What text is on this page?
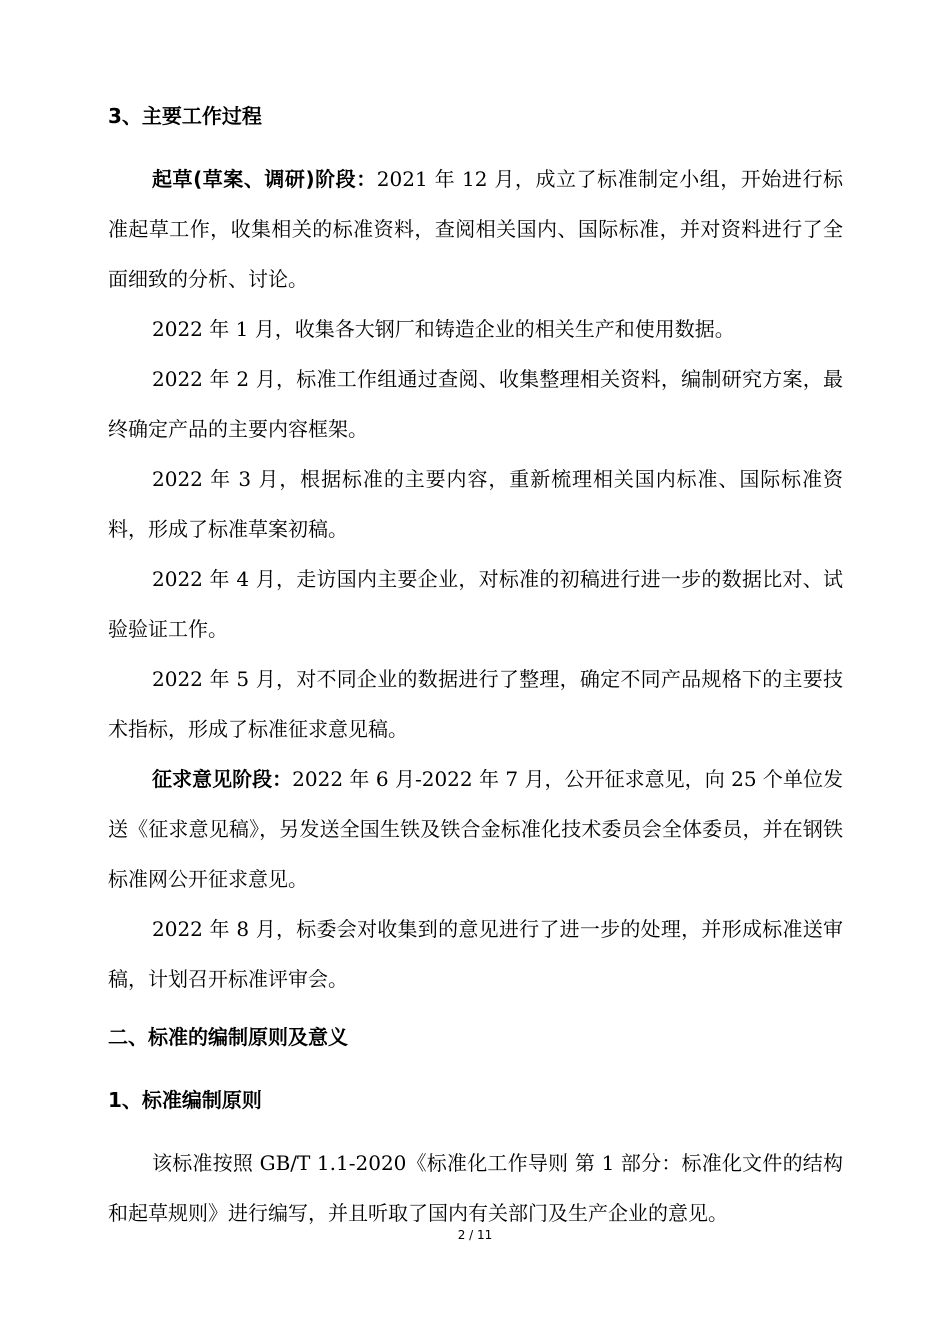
3、主要工作过程

起草(草案、调研)阶段：2021 年 12 月，成立了标准制定小组，开始进行标准起草工作，收集相关的标准资料，查阅相关国内、国际标准，并对资料进行了全面细致的分析、讨论。

2022 年 1 月，收集各大钢厂和铸造企业的相关生产和使用数据。

2022 年 2 月，标准工作组通过查阅、收集整理相关资料，编制研究方案，最终确定产品的主要内容框架。

2022 年 3 月，根据标准的主要内容，重新梳理相关国内标准、国际标准资料，形成了标准草案初稿。

2022 年 4 月，走访国内主要企业，对标准的初稿进行进一步的数据比对、试验验证工作。

2022 年 5 月，对不同企业的数据进行了整理，确定不同产品规格下的主要技术指标，形成了标准征求意见稿。

征求意见阶段：2022 年 6 月-2022 年 7 月，公开征求意见，向 25 个单位发送《征求意见稿》，另发送全国生铁及铁合金标准化技术委员会全体委员，并在钢铁标准网公开征求意见。

2022 年 8 月，标委会对收集到的意见进行了进一步的处理，并形成标准送审稿，计划召开标准评审会。

二、标准的编制原则及意义
1、标准编制原则

该标准按照 GB/T 1.1-2020《标准化工作导则 第 1 部分：标准化文件的结构和起草规则》进行编写，并且听取了国内有关部门及生产企业的意见。

2 / 11
